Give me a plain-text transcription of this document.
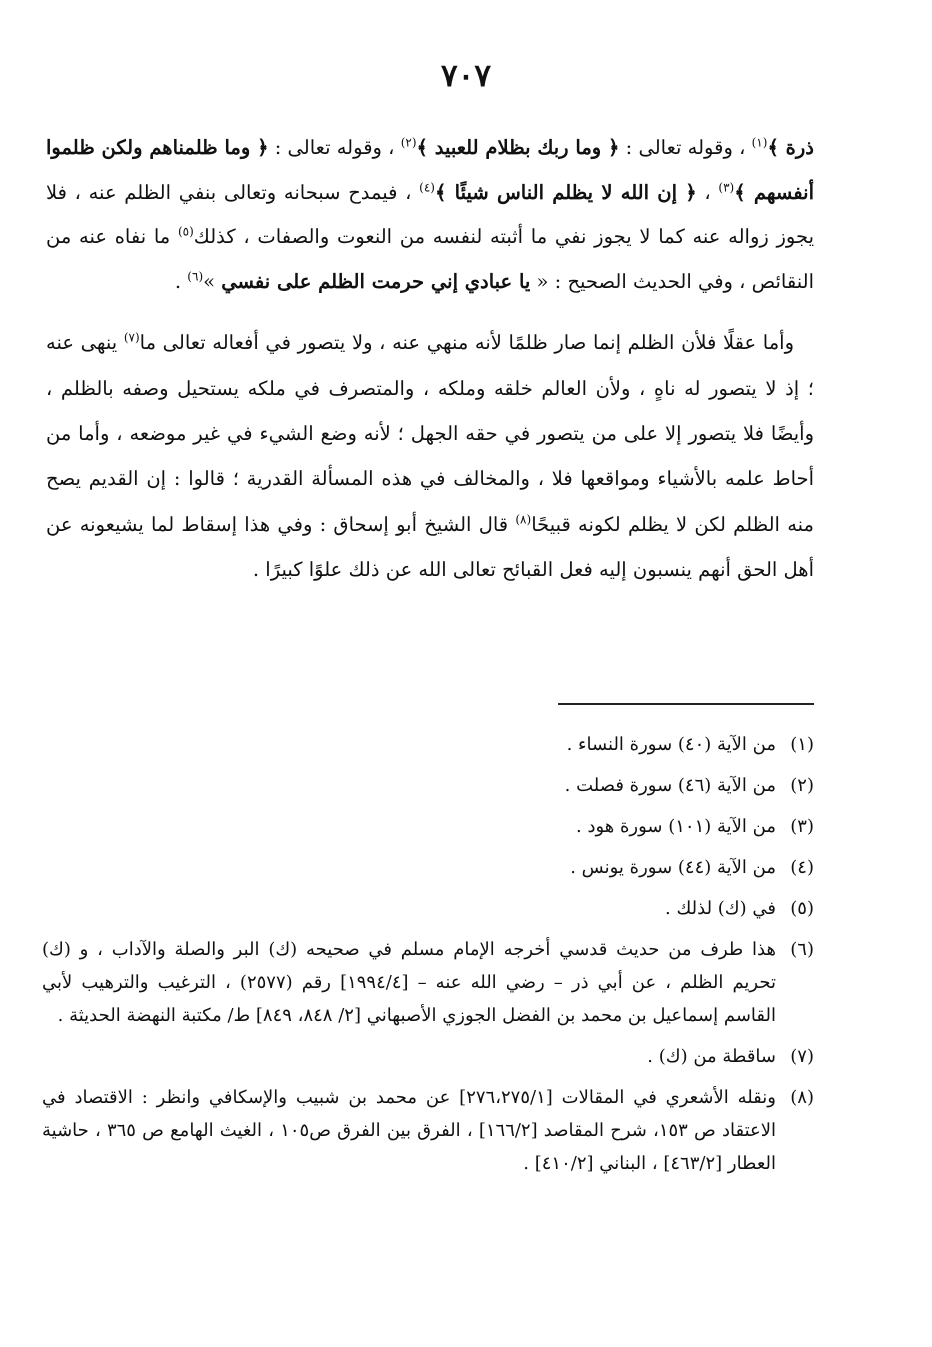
٧٠٧

ذرة ﴾$^{(١)}$ ، وقوله تعالى : ﴿ وما ربك بظلام للعبيد ﴾$^{(٢)}$ ، وقوله تعالى : ﴿ وما ظلمناهم ولكن ظلموا أنفسهم ﴾$^{(٣)}$ ، ﴿ إن الله لا يظلم الناس شيئًا ﴾$^{(٤)}$ ، فيمدح سبحانه وتعالى بنفي الظلم عنه ، فلا يجوز زواله عنه كما لا يجوز نفي ما أثبته لنفسه من النعوت والصفات ، كذلك$^{(٥)}$ ما نفاه عنه من النقائص ، وفي الحديث الصحيح : « يا عبادي إني حرمت الظلم على نفسي »$^{(٦)}$ .

وأما عقلًا فلأن الظلم إنما صار ظلمًا لأنه منهي عنه ، ولا يتصور في أفعاله تعالى ما$^{(٧)}$ ينهى عنه ؛ إذ لا يتصور له ناهٍ ، ولأن العالم خلقه وملكه ، والمتصرف في ملكه يستحيل وصفه بالظلم ، وأيضًا فلا يتصور إلا على من يتصور في حقه الجهل ؛ لأنه وضع الشيء في غير موضعه ، وأما من أحاط علمه بالأشياء ومواقعها فلا ، والمخالف في هذه المسألة القدرية ؛ قالوا : إن القديم يصح منه الظلم لكن لا يظلم لكونه قبيحًا$^{(٨)}$ قال الشيخ أبو إسحاق : وفي هذا إسقاط لما يشيعونه عن أهل الحق أنهم ينسبون إليه فعل القبائح تعالى الله عن ذلك علوًا كبيرًا .

(١)
من الآية (٤٠) سورة النساء .
(٢)
من الآية (٤٦) سورة فصلت .
(٣)
من الآية (١٠١) سورة هود .
(٤)
من الآية (٤٤) سورة يونس .
(٥)
في (ك) لذلك .
(٦)
هذا طرف من حديث قدسي أخرجه الإمام مسلم في صحيحه (ك) البر والصلة والآداب ، و (ك) تحريم الظلم ، عن أبي ذر – رضي الله عنه – [١٩٩٤/٤] رقم (٢٥٧٧) ، الترغيب والترهيب لأبي القاسم إسماعيل بن محمد بن الفضل الجوزي الأصبهاني [٢/ ٨٤٨، ٨٤٩] ط/ مكتبة النهضة الحديثة .
(٧)
ساقطة من (ك) .
(٨)
ونقله الأشعري في المقالات [٢٧٦،٢٧٥/١] عن محمد بن شبيب والإسكافي وانظر : الاقتصاد في الاعتقاد ص ١٥٣، شرح المقاصد [١٦٦/٢] ، الفرق بين الفرق ص١٠٥ ، الغيث الهامع ص ٣٦٥ ، حاشية العطار [٤٦٣/٢] ، البناني [٤١٠/٢] .
